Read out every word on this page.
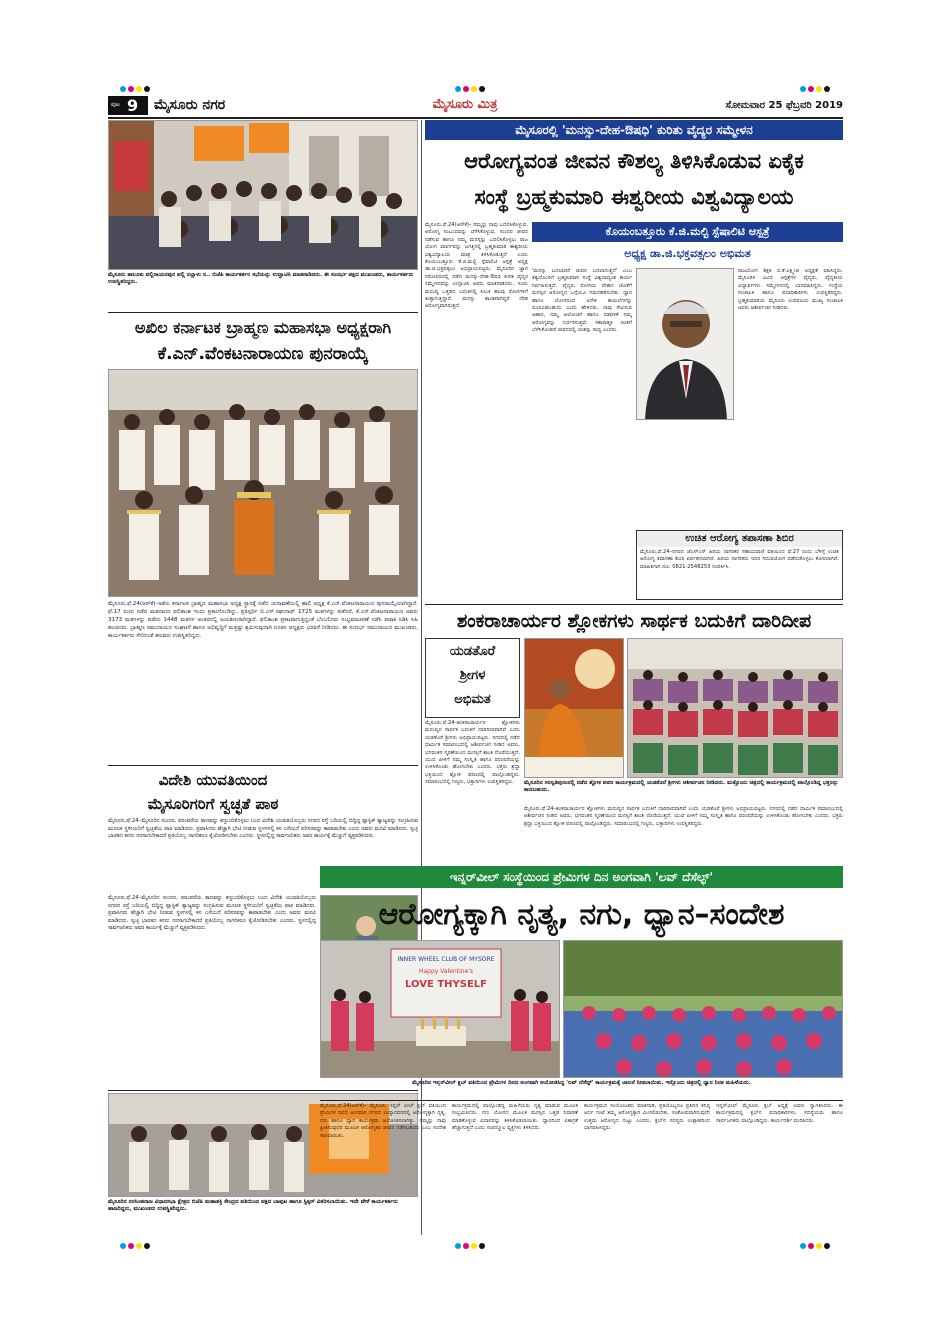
ಪುಟ 9 ಮೈಸೂರು ನಗರ	ಮೈಸೂರು ಮಿತ್ರ	ಸೋಮವಾರ 25 ಫೆಬ್ರವರಿ 2019
ಮೈಸೂರು ತಾಲೂಕು ವಲ್ಲಿರಾಯನಪುರ ವಲ್ಲಿ ನಲ್ಲಾಳು ನ.. ಬಿಜೆಪಿ ಕಾರ್ಯಕರ್ತರ ಸಭೆಯನ್ನು ಉದ್ಘಾಟಿಸಿ ಮಾತನಾಡಿದರು. ಈ ಸಂದರ್ಭ ಪಕ್ಷದ ಮುಖಂಡರು, ಕಾರ್ಯಕರ್ತರು ಉಪಸ್ಥಿತರಿದ್ದರು.
ಅಖಿಲ ಕರ್ನಾಟಕ ಬ್ರಾಹ್ಮಣ ಮಹಾಸಭಾ ಅಧ್ಯಕ್ಷರಾಗಿ
ಕೆ.ಎನ್.ವೆಂಕಟನಾರಾಯಣ ಪುನರಾಯ್ಕೆ
ಮೈಸೂರು,ಫೆ.24(ಆರ್‌ಕೆ)–ಅಖಿಲ ಕರ್ನಾಟಕ ಬ್ರಾಹ್ಮಣ ಮಹಾಸಭಾ ಅಧ್ಯಕ್ಷ ಸ್ಥಾನಕ್ಕೆ ನಡೆದ ಚುನಾವಣೆಯಲ್ಲಿ ಹಾಲಿ ಅಧ್ಯಕ್ಷ ಕೆ.ಎನ್.ವೆಂಕಟನಾರಾಯಣ ಪುನರಾಯ್ಕೆಯಾಗಿದ್ದಾರೆ. ಫೆ.17 ರಂದು ನಡೆದ ಮತದಾನದ ಫಲಿತಾಂಶ ಇಂದು ಪ್ರಕಟಗೊಂಡಿದ್ದು, ಪ್ರತಿಸ್ಪರ್ಧಿ ಬಿ.ಎಸ್.ರಘುನಾಥ್ 1725 ಮತಗಳನ್ನು ಪಡೆದರೆ, ಕೆ.ಎನ್.ವೆಂಕಟನಾರಾಯಣ ಅವರು 3173 ಮತಗಳನ್ನು ಪಡೆದು 1448 ಮತಗಳ ಅಂತರದಲ್ಲಿ ಜಯಶೀಲರಾಗಿದ್ದಾರೆ. ಫಲಿತಾಂಶ ಪ್ರಕಟವಾಗುತ್ತಿದ್ದಂತೆ ಬೆಂಬಲಿಗರು ಸಂಭ್ರಮಾಚರಣೆ ನಡೆಸಿ ಪಟಾಕಿ ಸಿಡಿಸಿ ಸಿಹಿ ಹಂಚಿದರು. ಬ್ರಾಹ್ಮಣ ಸಮುದಾಯದ ಸಂಘಟನೆ ಹಾಗೂ ಅಭಿವೃದ್ಧಿಗೆ ಮತ್ತಷ್ಟು ಶ್ರಮಿಸುವುದಾಗಿ ನೂತನ ಅಧ್ಯಕ್ಷರು ಭರವಸೆ ನೀಡಿದರು. ಈ ಸಂದರ್ಭ ಸಮುದಾಯದ ಮುಖಂಡರು, ಕಾರ್ಯಕರ್ತರು ಸೇರಿದಂತೆ ಹಲವರು ಉಪಸ್ಥಿತರಿದ್ದರು.
ವಿದೇಶಿ ಯುವತಿಯಿಂದ
ಮೈಸೂರಿಗರಿಗೆ ಸ್ವಚ್ಛತೆ ಪಾಠ
ಮೈಸೂರು,ಫೆ.24–ಮೈಸೂರಿನ ಸುಂದರ, ಪರಂಪರೆಯ ತಾಣವನ್ನು ಕಣ್ತುಂಬಿಕೊಳ್ಳಲು ಬಂದ ವಿದೇಶಿ ಯುವತಿಯೊಬ್ಬರು ನಗರದ ರಸ್ತೆ ಬದಿಯಲ್ಲಿ ಬಿದ್ದಿದ್ದ ಪ್ಲಾಸ್ಟಿಕ್ ತ್ಯಾಜ್ಯವನ್ನು ಸಂಗ್ರಹಿಸುವ ಮೂಲಕ ಸ್ಥಳೀಯರಿಗೆ ಸ್ವಚ್ಛತೆಯ ಪಾಠ ಮಾಡಿದರು. ಪ್ರವಾಸಿಗರು ಹೆಚ್ಚಾಗಿ ಭೇಟಿ ನೀಡುವ ಸ್ಥಳಗಳಲ್ಲಿ ಕಸ ಎಸೆಯದೆ ಪರಿಸರವನ್ನು ಕಾಪಾಡಬೇಕು ಎಂದು ಅವರು ಮನವಿ ಮಾಡಿದರು. ಸ್ವಚ್ಛ ಭಾರತದ ಕನಸು ನನಸಾಗಬೇಕಾದರೆ ಪ್ರತಿಯೊಬ್ಬ ನಾಗರಿಕರೂ ಕೈಜೋಡಿಸಬೇಕು ಎಂದರು. ಸ್ಥಳದಲ್ಲಿದ್ದ ಸಾರ್ವಜನಿಕರು ಅವರ ಕಾರ್ಯಕ್ಕೆ ಮೆಚ್ಚುಗೆ ವ್ಯಕ್ತಪಡಿಸಿದರು.
ಮೈಸೂರು,ಫೆ.24–ಮೈಸೂರಿನ ಸುಂದರ, ಪರಂಪರೆಯ ತಾಣವನ್ನು ಕಣ್ತುಂಬಿಕೊಳ್ಳಲು ಬಂದ ವಿದೇಶಿ ಯುವತಿಯೊಬ್ಬರು ನಗರದ ರಸ್ತೆ ಬದಿಯಲ್ಲಿ ಬಿದ್ದಿದ್ದ ಪ್ಲಾಸ್ಟಿಕ್ ತ್ಯಾಜ್ಯವನ್ನು ಸಂಗ್ರಹಿಸುವ ಮೂಲಕ ಸ್ಥಳೀಯರಿಗೆ ಸ್ವಚ್ಛತೆಯ ಪಾಠ ಮಾಡಿದರು. ಪ್ರವಾಸಿಗರು ಹೆಚ್ಚಾಗಿ ಭೇಟಿ ನೀಡುವ ಸ್ಥಳಗಳಲ್ಲಿ ಕಸ ಎಸೆಯದೆ ಪರಿಸರವನ್ನು ಕಾಪಾಡಬೇಕು ಎಂದು ಅವರು ಮನವಿ ಮಾಡಿದರು. ಸ್ವಚ್ಛ ಭಾರತದ ಕನಸು ನನಸಾಗಬೇಕಾದರೆ ಪ್ರತಿಯೊಬ್ಬ ನಾಗರಿಕರೂ ಕೈಜೋಡಿಸಬೇಕು ಎಂದರು. ಸ್ಥಳದಲ್ಲಿದ್ದ ಸಾರ್ವಜನಿಕರು ಅವರ ಕಾರ್ಯಕ್ಕೆ ಮೆಚ್ಚುಗೆ ವ್ಯಕ್ತಪಡಿಸಿದರು.
ಮೈಸೂರಿನ ನರಸಿಂಹರಾಜ ವಿಧಾನಸಭಾ ಕ್ಷೇತ್ರದ ಬಿಜೆಪಿ ಮಹಾಶಕ್ತಿ ಕೇಂದ್ರದ ವತಿಯಿಂದ ಪಕ್ಷದ ಬಾವುಟ ಹಾಗೂ ಸ್ಟಿಕ್ಕರ್ ವಿತರಿಸಲಾಯಿತು. ಇದೇ ವೇಳೆ ಕಾರ್ಯಕರ್ತರು ಹಾಜರಿದ್ದರು, ಮುಖಂಡರು ಉಪಸ್ಥಿತರಿದ್ದರು.
ಮೈಸೂರಲ್ಲಿ 'ಮನಸ್ಸು-ದೇಹ-ಔಷಧಿ' ಕುರಿತು ವೈದ್ಯರ ಸಮ್ಮೇಳನ
ಆರೋಗ್ಯವಂತ ಜೀವನ ಕೌಶಲ್ಯ ತಿಳಿಸಿಕೊಡುವ ಏಕೈಕ
ಸಂಸ್ಥೆ ಬ್ರಹ್ಮಕುಮಾರಿ ಈಶ್ವರೀಯ ವಿಶ್ವವಿದ್ಯಾಲಯ
ಕೊಯಂಬತ್ತೂರು ಕೆ.ಜಿ.ಮಲ್ಟಿ ಸ್ಪೆಷಾಲಿಟಿ ಆಸ್ಪತ್ರೆ
ಅಧ್ಯಕ್ಷ ಡಾ.ಜಿ.ಭಕ್ತವತ್ಸಲಂ ಅಭಿಮತ
ಮೈಸೂರು,ಫೆ.24(ಆರ್‌ಕೆ)– ನಮ್ಮನ್ನು ನಾವು ಬದಲಿಸಿಕೊಳ್ಳುವ, ಆರೋಗ್ಯ ಸಂಬಂಧವನ್ನು ಬೆಳೆಸಿಕೊಳ್ಳುವ, ಸುಂದರ ಜೀವನ ನಡೆಸುವ ಹಾಗೂ ನಮ್ಮ ಮನಸ್ಸನ್ನು ಬದಲಿಸಿಕೊಳ್ಳಲು ರಾಜ ಯೋಗ ಮಾರ್ಗವನ್ನು ಜಗತ್ತಿನಲ್ಲಿ ಬ್ರಹ್ಮಕುಮಾರಿ ಈಶ್ವರೀಯ ವಿಶ್ವವಿದ್ಯಾಲಯ ಮಾತ್ರ ತಿಳಿಸಿಕೊಡುತ್ತಿದೆ ಎಂದು ಕೊಯಂಬತ್ತೂರು ಕೆ.ಜಿ.ಮಲ್ಟಿ ಸ್ಪೆಷಾಲಿಟಿ ಆಸ್ಪತ್ರೆ ಅಧ್ಯಕ್ಷ ಡಾ.ಜಿ.ಭಕ್ತವತ್ಸಲಂ ಅಭಿಪ್ರಾಯಪಟ್ಟರು. ಮೈಸೂರಿನ ಜ್ಞಾನ ಸರೋವರದಲ್ಲಿ ನಡೆದ ಮನಸ್ಸು-ದೇಹ-ಔಷಧಿ ಕುರಿತ ವೈದ್ಯರ ಸಮ್ಮೇಳನವನ್ನು ಉದ್ಘಾಟಿಸಿ ಅವರು ಮಾತನಾಡಿದರು. ಇಂದು ಮನುಷ್ಯ ಒತ್ತಡದ ಬದುಕಿನಲ್ಲಿ ಸಿಲುಕಿ ಹಲವು ರೋಗಗಳಿಗೆ ತುತ್ತಾಗುತ್ತಿದ್ದಾನೆ. ಮನಸ್ಸು ಶಾಂತವಾಗಿದ್ದರೆ ದೇಹ ಆರೋಗ್ಯವಾಗಿರುತ್ತದೆ.
'ಮನಸ್ಸು ಬದಲಾದರೆ ಜೀವನ ಬದಲಾಗುತ್ತದೆ' ಎಂಬ ತತ್ವದೊಂದಿಗೆ ಬ್ರಹ್ಮಕುಮಾರಿ ಸಂಸ್ಥೆ ವಿಶ್ವದಾದ್ಯಂತ ಕಾರ್ಯ ನಿರ್ವಹಿಸುತ್ತಿದೆ. ವೈದ್ಯರು ರೋಗಿಯ ದೇಹದ ಜೊತೆಗೆ ಮನಸ್ಸಿನ ಆರೋಗ್ಯದ ಬಗ್ಗೆಯೂ ಗಮನಹರಿಸಬೇಕು. ಧ್ಯಾನ ಹಾಗೂ ಯೋಗದಿಂದ ಅನೇಕ ಕಾಯಿಲೆಗಳನ್ನು ದೂರವಿಡಬಹುದು ಎಂದು ಹೇಳಿದರು. ನಾವು ಸೇವಿಸುವ ಆಹಾರ, ನಮ್ಮ ಆಲೋಚನೆ ಹಾಗೂ ನಡವಳಿಕೆ ನಮ್ಮ ಆರೋಗ್ಯವನ್ನು ನಿರ್ಧರಿಸುತ್ತವೆ. ಸಕಾರಾತ್ಮಕ ಚಿಂತನೆ ಬೆಳೆಸಿಕೊಂಡರೆ ಜೀವನದಲ್ಲಿ ಯಶಸ್ಸು ಸಾಧ್ಯ ಎಂದರು.
ರಾಜಯೋಗ ಶಿಕ್ಷಕಿ ಬಿ.ಕೆ.ಲಕ್ಷ್ಮೀಜಿ ಅಧ್ಯಕ್ಷತೆ ವಹಿಸಿದ್ದರು. ಮೈಸೂರಿನ ವಿವಿಧ ಆಸ್ಪತ್ರೆಗಳ ವೈದ್ಯರು, ವೈದ್ಯಕೀಯ ವಿದ್ಯಾರ್ಥಿಗಳು ಸಮ್ಮೇಳನದಲ್ಲಿ ಭಾಗವಹಿಸಿದ್ದರು. ಸಂಸ್ಥೆಯ ಸಂಚಾಲಕಿ ಹಾಗೂ ಪದಾಧಿಕಾರಿಗಳು ಉಪಸ್ಥಿತರಿದ್ದರು. ಬ್ರಹ್ಮಕುಮಾರಿಯ ಮೈಸೂರು ಉಪವಲಯ ಮುಖ್ಯ ಸಂಚಾಲಕಿ ಅವರು ಆಶೀರ್ವಚನ ನೀಡಿದರು.
ಉಚಿತ ಆರೋಗ್ಯ ತಪಾಸಣಾ ಶಿಬಿರ
ಮೈಸೂರು,ಫೆ.24–ನಗರದ ಜೆಎಸ್‌ಎಸ್ ಹಿರಿಯ ನಾಗರಿಕರ ಸಹಾಯವಾಣಿ ವತಿಯಿಂದ ಫೆ.27 ರಂದು ಬೆಳಿಗ್ಗೆ ಉಚಿತ ಆರೋಗ್ಯ ತಪಾಸಣಾ ಶಿಬಿರ ಏರ್ಪಡಿಸಲಾಗಿದೆ. ಹಿರಿಯ ನಾಗರಿಕರು ಇದರ ಸದುಪಯೋಗ ಪಡೆದುಕೊಳ್ಳಲು ಕೋರಲಾಗಿದೆ. ಮಾಹಿತಿಗಾಗಿ ದೂ: 0821-2548253 ಸಂಪರ್ಕಿಸಿ.
ಶಂಕರಾಚಾರ್ಯರ ಶ್ಲೋಕಗಳು ಸಾರ್ಥಕ ಬದುಕಿಗೆ ದಾರಿದೀಪ
ಯಡತೊರೆ
ಶ್ರೀಗಳ
ಅಭಿಮತ
ಮೈಸೂರು,ಫೆ.24–ಶಂಕರಾಚಾರ್ಯರ ಶ್ಲೋಕಗಳು ಮನುಷ್ಯನ ಸಾರ್ಥಕ ಬದುಕಿಗೆ ದಾರಿದೀಪವಾಗಿವೆ ಎಂದು ಯಡತೊರೆ ಶ್ರೀಗಳು ಅಭಿಪ್ರಾಯಪಟ್ಟರು. ನಗರದಲ್ಲಿ ನಡೆದ ಧಾರ್ಮಿಕ ಸಮಾರಂಭದಲ್ಲಿ ಆಶೀರ್ವಚನ ನೀಡಿದ ಅವರು, ಭಗವಂತನ ಸ್ಮರಣೆಯಿಂದ ಮನಸ್ಸಿಗೆ ಶಾಂತಿ ದೊರೆಯುತ್ತದೆ. ಯುವ ಪೀಳಿಗೆ ನಮ್ಮ ಸಂಸ್ಕೃತಿ ಹಾಗೂ ಪರಂಪರೆಯನ್ನು ಉಳಿಸಿಕೊಂಡು ಹೋಗಬೇಕು ಎಂದರು. ಭಕ್ತರು ಶ್ರದ್ಧಾ ಭಕ್ತಿಯಿಂದ ಶ್ಲೋಕ ಪಠಣದಲ್ಲಿ ಪಾಲ್ಗೊಂಡಿದ್ದರು. ಸಮಾರಂಭದಲ್ಲಿ ಗಣ್ಯರು, ಭಕ್ತಾದಿಗಳು ಉಪಸ್ಥಿತರಿದ್ದರು.	ಮೈಸೂರಿನ ಸರಸ್ವತಿಪುರಂನಲ್ಲಿ ನಡೆದ ಶ್ಲೋಕ ಪಠಣ ಕಾರ್ಯಕ್ರಮದಲ್ಲಿ ಯಡತೊರೆ ಶ್ರೀಗಳು ಆಶೀರ್ವಚನ ನೀಡಿದರು. ಮತ್ತೊಂದು ಚಿತ್ರದಲ್ಲಿ ಕಾರ್ಯಕ್ರಮದಲ್ಲಿ ಪಾಲ್ಗೊಂಡಿದ್ದ ಭಕ್ತರನ್ನು ಕಾಣಬಹುದು.
ಮೈಸೂರು,ಫೆ.24–ಶಂಕರಾಚಾರ್ಯರ ಶ್ಲೋಕಗಳು ಮನುಷ್ಯನ ಸಾರ್ಥಕ ಬದುಕಿಗೆ ದಾರಿದೀಪವಾಗಿವೆ ಎಂದು ಯಡತೊರೆ ಶ್ರೀಗಳು ಅಭಿಪ್ರಾಯಪಟ್ಟರು. ನಗರದಲ್ಲಿ ನಡೆದ ಧಾರ್ಮಿಕ ಸಮಾರಂಭದಲ್ಲಿ ಆಶೀರ್ವಚನ ನೀಡಿದ ಅವರು, ಭಗವಂತನ ಸ್ಮರಣೆಯಿಂದ ಮನಸ್ಸಿಗೆ ಶಾಂತಿ ದೊರೆಯುತ್ತದೆ. ಯುವ ಪೀಳಿಗೆ ನಮ್ಮ ಸಂಸ್ಕೃತಿ ಹಾಗೂ ಪರಂಪರೆಯನ್ನು ಉಳಿಸಿಕೊಂಡು ಹೋಗಬೇಕು ಎಂದರು. ಭಕ್ತರು ಶ್ರದ್ಧಾ ಭಕ್ತಿಯಿಂದ ಶ್ಲೋಕ ಪಠಣದಲ್ಲಿ ಪಾಲ್ಗೊಂಡಿದ್ದರು. ಸಮಾರಂಭದಲ್ಲಿ ಗಣ್ಯರು, ಭಕ್ತಾದಿಗಳು ಉಪಸ್ಥಿತರಿದ್ದರು.
ಇನ್ನರ್‌ವೀಲ್ ಸಂಸ್ಥೆಯಿಂದ ಪ್ರೇಮಿಗಳ ದಿನ ಅಂಗವಾಗಿ 'ಲವ್ ದೆಸೆಲ್ಫ್'
ಆರೋಗ್ಯಕ್ಕಾಗಿ ನೃತ್ಯ, ನಗು, ಧ್ಯಾನ–ಸಂದೇಶ
INNER WHEEL CLUB OF MYSORE
Happy Valentine's
LOVE THYSELF
ಮೈಸೂರಿನ ಇನ್ನರ್‌ವೀಲ್ ಕ್ಲಬ್ ವತಿಯಿಂದ ಪ್ರೇಮಿಗಳ ದಿನದ ಅಂಗವಾಗಿ ಆಯೋಜಿಸಿದ್ದ 'ಲವ್ ದೆಸೆಲ್ಫ್' ಕಾರ್ಯಕ್ರಮಕ್ಕೆ ಚಾಲನೆ ನೀಡಲಾಯಿತು. ಇನ್ನೊಂದು ಚಿತ್ರದಲ್ಲಿ ಧ್ಯಾನ ನಿರತ ಮಹಿಳೆಯರು.
ಮೈಸೂರು,ಫೆ.24(ಆರ್‌ಕೆ)– ಮೈಸೂರು ಇನ್ನರ್ ವೀಲ್ ಕ್ಲಬ್ ವತಿಯಿಂದ ಪ್ರೇಮಿಗಳ ದಿನದ ಅಂಗವಾಗಿ ನಗರದ ಉದ್ಯಾನವನದಲ್ಲಿ ಆರೋಗ್ಯಕ್ಕಾಗಿ ನೃತ್ಯ, ನಗು ಹಾಗೂ ಧ್ಯಾನ ಕಾರ್ಯಕ್ರಮ ಆಯೋಜಿಸಲಾಗಿತ್ತು. ನಮ್ಮನ್ನು ನಾವು ಪ್ರೀತಿಸುವುದರ ಮೂಲಕ ಆರೋಗ್ಯಕರ ಜೀವನ ನಡೆಸಬಹುದು ಎಂಬ ಸಂದೇಶ ಸಾರಲಾಯಿತು.
ಕಾರ್ಯಕ್ರಮದಲ್ಲಿ ಪಾಲ್ಗೊಂಡಿದ್ದ ಮಹಿಳೆಯರು ನೃತ್ಯ ಮಾಡುವ ಮೂಲಕ ಸಂಭ್ರಮಿಸಿದರು. ನಗು ಯೋಗದ ಮೂಲಕ ಮನಸ್ಸಿನ ಒತ್ತಡ ನಿವಾರಣೆ ಮಾಡಿಕೊಳ್ಳುವ ವಿಧಾನವನ್ನು ತಿಳಿಸಿಕೊಡಲಾಯಿತು. ಧ್ಯಾನದಿಂದ ಏಕಾಗ್ರತೆ ಹೆಚ್ಚಾಗುತ್ತದೆ ಎಂದು ಸಂಪನ್ಮೂಲ ವ್ಯಕ್ತಿಗಳು ತಿಳಿಸಿದರು.
ಕಾರ್ಯಕ್ರಮದ ಸಂಯೋಜಕರು ಮಾತನಾಡಿ, ಪ್ರತಿಯೊಬ್ಬರೂ ಪ್ರತಿದಿನ ಕನಿಷ್ಠ ಅರ್ಧ ಗಂಟೆ ತಮ್ಮ ಆರೋಗ್ಯಕ್ಕಾಗಿ ಮೀಸಲಿಡಬೇಕು. ಸಂತೋಷವಾಗಿರುವುದೇ ಉತ್ತಮ ಆರೋಗ್ಯದ ಗುಟ್ಟು ಎಂದರು. ಕ್ಲಬ್‌ನ ಸದಸ್ಯರು ಉತ್ಸಾಹದಿಂದ ಭಾಗವಹಿಸಿದ್ದರು.
ಇನ್ನರ್‌ವೀಲ್ ಮೈಸೂರು ಕ್ಲಬ್ ಅಧ್ಯಕ್ಷೆ ಅವರು ಸ್ವಾಗತಿಸಿದರು. ಈ ಕಾರ್ಯಕ್ರಮದಲ್ಲಿ ಕ್ಲಬ್‌ನ ಪದಾಧಿಕಾರಿಗಳು, ಸದಸ್ಯೆಯರು ಹಾಗೂ ಸಾರ್ವಜನಿಕರು ಪಾಲ್ಗೊಂಡಿದ್ದರು. ಕಾರ್ಯದರ್ಶಿ ವಂದಿಸಿದರು.
